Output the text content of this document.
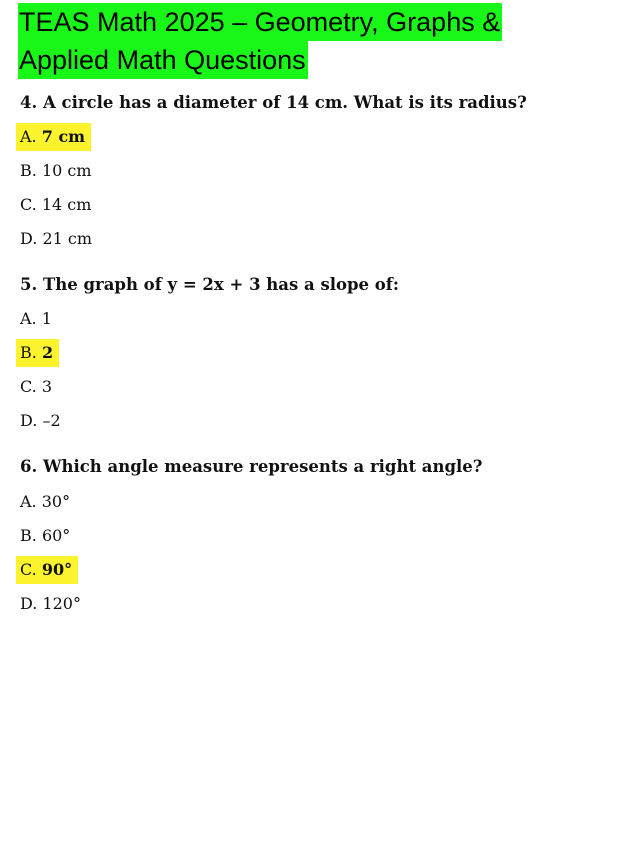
TEAS Math 2025 – Geometry, Graphs &
Applied Math Questions
4. A circle has a diameter of 14 cm. What is its radius?
A. 7 cm
B. 10 cm
C. 14 cm
D. 21 cm
5. The graph of y = 2x + 3 has a slope of:
A. 1
B. 2
C. 3
D. –2
6. Which angle measure represents a right angle?
A. 30°
B. 60°
C. 90°
D. 120°
